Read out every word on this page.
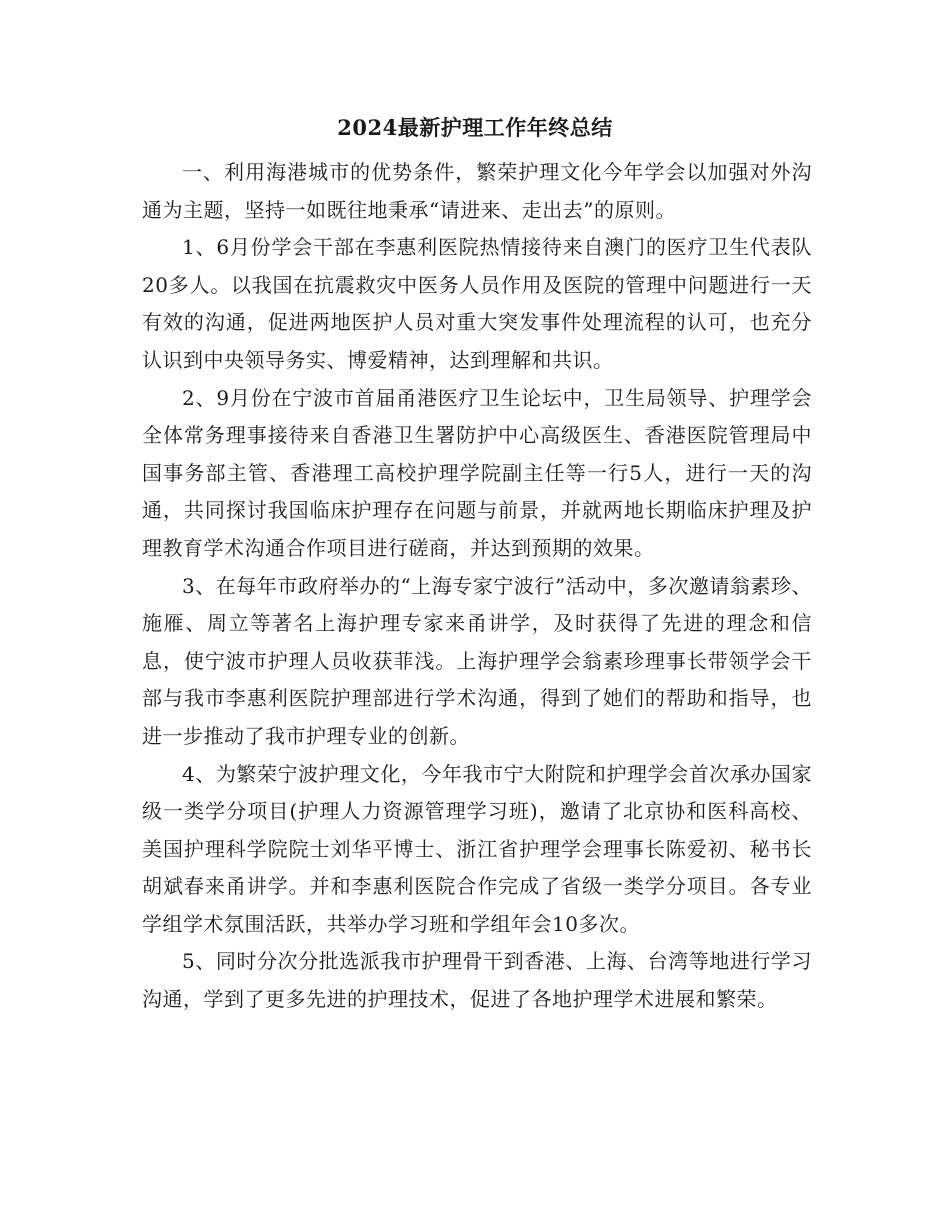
2024最新护理工作年终总结

一、利用海港城市的优势条件，繁荣护理文化今年学会以加强对外沟通为主题，坚持一如既往地秉承“请进来、走出去”的原则。

1、6月份学会干部在李惠利医院热情接待来自澳门的医疗卫生代表队20多人。以我国在抗震救灾中医务人员作用及医院的管理中问题进行一天有效的沟通，促进两地医护人员对重大突发事件处理流程的认可，也充分认识到中央领导务实、博爱精神，达到理解和共识。

2、9月份在宁波市首届甬港医疗卫生论坛中，卫生局领导、护理学会全体常务理事接待来自香港卫生署防护中心高级医生、香港医院管理局中国事务部主管、香港理工高校护理学院副主任等一行5人，进行一天的沟通，共同探讨我国临床护理存在问题与前景，并就两地长期临床护理及护理教育学术沟通合作项目进行磋商，并达到预期的效果。

3、在每年市政府举办的“上海专家宁波行”活动中，多次邀请翁素珍、施雁、周立等著名上海护理专家来甬讲学，及时获得了先进的理念和信息，使宁波市护理人员收获菲浅。上海护理学会翁素珍理事长带领学会干部与我市李惠利医院护理部进行学术沟通，得到了她们的帮助和指导，也进一步推动了我市护理专业的创新。

4、为繁荣宁波护理文化，今年我市宁大附院和护理学会首次承办国家级一类学分项目(护理人力资源管理学习班)，邀请了北京协和医科高校、美国护理科学院院士刘华平博士、浙江省护理学会理事长陈爱初、秘书长胡斌春来甬讲学。并和李惠利医院合作完成了省级一类学分项目。各专业学组学术氛围活跃，共举办学习班和学组年会10多次。

5、同时分次分批选派我市护理骨干到香港、上海、台湾等地进行学习沟通，学到了更多先进的护理技术，促进了各地护理学术进展和繁荣。
